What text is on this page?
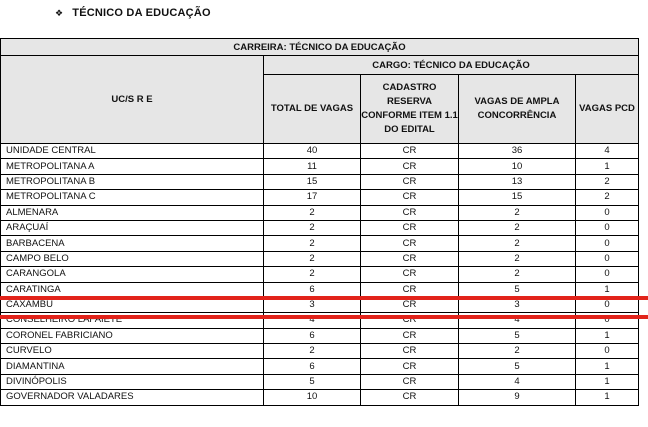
❖ TÉCNICO DA EDUCAÇÃO
CARREIRA: TÉCNICO DA EDUCAÇÃO				
UC/S R E	CARGO: TÉCNICO DA EDUCAÇÃO			
	TOTAL DE VAGAS	CADASTRO RESERVA CONFORME ITEM 1.1 DO EDITAL	VAGAS DE AMPLA CONCORRÊNCIA	VAGAS PCD
UNIDADE CENTRAL	40	CR	36	4
METROPOLITANA A	11	CR	10	1
METROPOLITANA B	15	CR	13	2
METROPOLITANA C	17	CR	15	2
ALMENARA	2	CR	2	0
ARAÇUAÍ	2	CR	2	0
BARBACENA	2	CR	2	0
CAMPO BELO	2	CR	2	0
CARANGOLA	2	CR	2	0
CARATINGA	6	CR	5	1
CAXAMBU	3	CR	3	0
CONSELHEIRO LAFAIETE	4	CR	4	0
CORONEL FABRICIANO	6	CR	5	1
CURVELO	2	CR	2	0
DIAMANTINA	6	CR	5	1
DIVINÓPOLIS	5	CR	4	1
GOVERNADOR VALADARES	10	CR	9	1
